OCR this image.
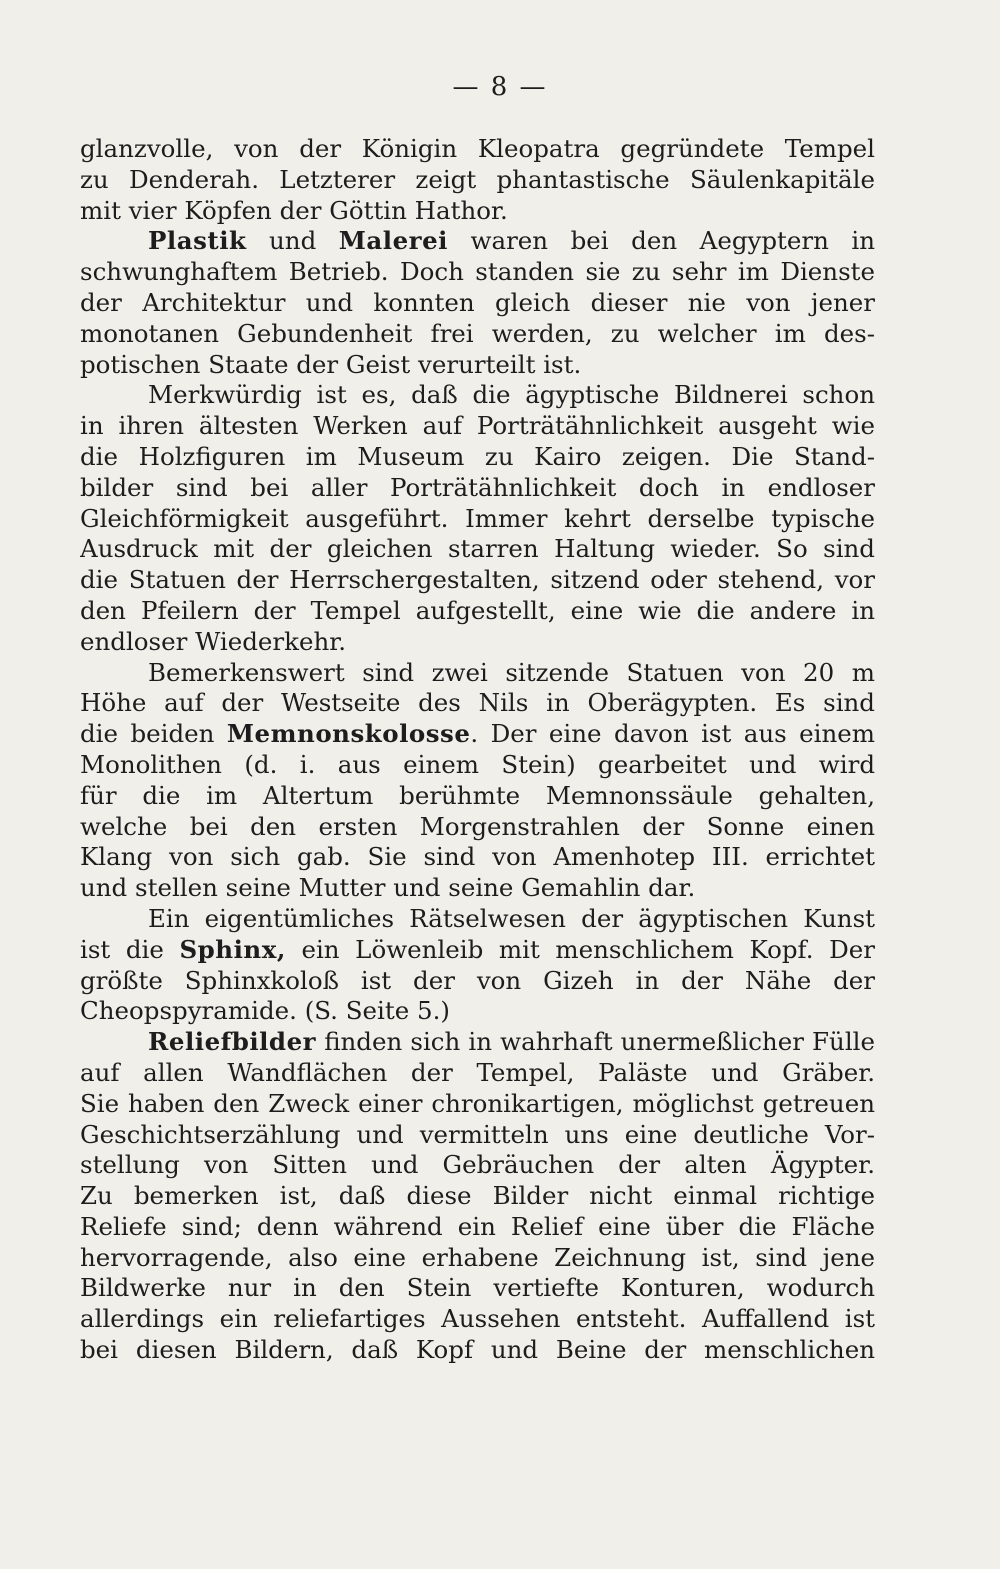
— 8 —
glanzvolle, von der Königin Kleopatra gegründete Tempel
zu Denderah. Letzterer zeigt phantastische Säulenkapitäle
mit vier Köpfen der Göttin Hathor.
Plastik und Malerei waren bei den Aegyptern in
schwunghaftem Betrieb. Doch standen sie zu sehr im Dienste
der Architektur und konnten gleich dieser nie von jener
monotanen Gebundenheit frei werden, zu welcher im des-
potischen Staate der Geist verurteilt ist.
Merkwürdig ist es, daß die ägyptische Bildnerei schon
in ihren ältesten Werken auf Porträtähnlichkeit ausgeht wie
die Holzfiguren im Museum zu Kairo zeigen. Die Stand-
bilder sind bei aller Porträtähnlichkeit doch in endloser
Gleichförmigkeit ausgeführt. Immer kehrt derselbe typische
Ausdruck mit der gleichen starren Haltung wieder. So sind
die Statuen der Herrschergestalten, sitzend oder stehend, vor
den Pfeilern der Tempel aufgestellt, eine wie die andere in
endloser Wiederkehr.
Bemerkenswert sind zwei sitzende Statuen von 20 m
Höhe auf der Westseite des Nils in Oberägypten. Es sind
die beiden Memnonskolosse. Der eine davon ist aus einem
Monolithen (d. i. aus einem Stein) gearbeitet und wird
für die im Altertum berühmte Memnonssäule gehalten,
welche bei den ersten Morgenstrahlen der Sonne einen
Klang von sich gab. Sie sind von Amenhotep III. errichtet
und stellen seine Mutter und seine Gemahlin dar.
Ein eigentümliches Rätselwesen der ägyptischen Kunst
ist die Sphinx, ein Löwenleib mit menschlichem Kopf. Der
größte Sphinxkoloß ist der von Gizeh in der Nähe der
Cheopspyramide. (S. Seite 5.)
Reliefbilder finden sich in wahrhaft unermeßlicher Fülle
auf allen Wandflächen der Tempel, Paläste und Gräber.
Sie haben den Zweck einer chronikartigen, möglichst getreuen
Geschichtserzählung und vermitteln uns eine deutliche Vor-
stellung von Sitten und Gebräuchen der alten Ägypter.
Zu bemerken ist, daß diese Bilder nicht einmal richtige
Reliefe sind; denn während ein Relief eine über die Fläche
hervorragende, also eine erhabene Zeichnung ist, sind jene
Bildwerke nur in den Stein vertiefte Konturen, wodurch
allerdings ein reliefartiges Aussehen entsteht. Auffallend ist
bei diesen Bildern, daß Kopf und Beine der menschlichen
